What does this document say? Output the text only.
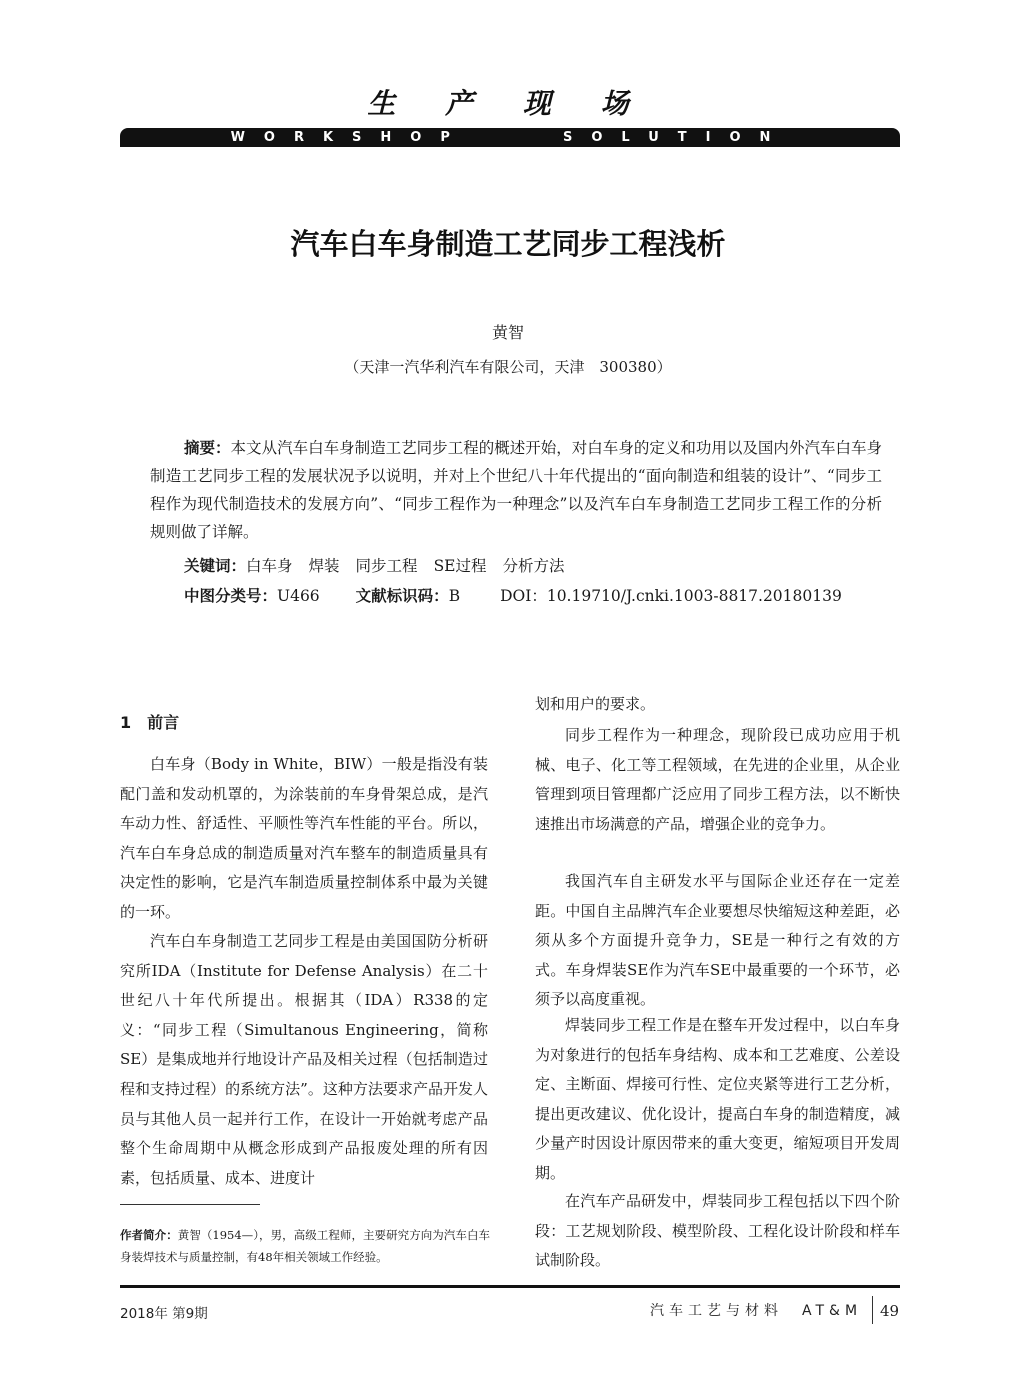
生 产 现 场
WORKSHOP    SOLUTION
汽车白车身制造工艺同步工程浅析
黄智
（天津一汽华利汽车有限公司，天津　300380）

摘要：本文从汽车白车身制造工艺同步工程的概述开始，对白车身的定义和功用以及国内外汽车白车身制造工艺同步工程的发展状况予以说明，并对上个世纪八十年代提出的“面向制造和组装的设计”、“同步工程作为现代制造技术的发展方向”、“同步工程作为一种理念”以及汽车白车身制造工艺同步工程工作的分析规则做了详解。

关键词：白车身 焊装 同步工程 SE过程 分析方法
中图分类号：U466 文献标识码：B	DOI：10.19710/J.cnki.1003-8817.20180139
1　前言

白车身（Body in White，BIW）一般是指没有装配门盖和发动机罩的，为涂装前的车身骨架总成，是汽车动力性、舒适性、平顺性等汽车性能的平台。所以，汽车白车身总成的制造质量对汽车整车的制造质量具有决定性的影响，它是汽车制造质量控制体系中最为关键的一环。

汽车白车身制造工艺同步工程是由美国国防分析研究所IDA（Institute for Defense Analysis）在二十世纪八十年代所提出。根据其（IDA）R338的定义：“同步工程（Simultanous Engineering，简称SE）是集成地并行地设计产品及相关过程（包括制造过程和支持过程）的系统方法”。这种方法要求产品开发人员与其他人员一起并行工作，在设计一开始就考虑产品整个生命周期中从概念形成到产品报废处理的所有因素，包括质量、成本、进度计

划和用户的要求。

同步工程作为一种理念，现阶段已成功应用于机械、电子、化工等工程领域，在先进的企业里，从企业管理到项目管理都广泛应用了同步工程方法，以不断快速推出市场满意的产品，增强企业的竞争力。

我国汽车自主研发水平与国际企业还存在一定差距。中国自主品牌汽车企业要想尽快缩短这种差距，必须从多个方面提升竞争力，SE是一种行之有效的方式。车身焊装SE作为汽车SE中最重要的一个环节，必须予以高度重视。

焊装同步工程工作是在整车开发过程中，以白车身为对象进行的包括车身结构、成本和工艺难度、公差设定、主断面、焊接可行性、定位夹紧等进行工艺分析，提出更改建议、优化设计，提高白车身的制造精度，减少量产时因设计原因带来的重大变更，缩短项目开发周期。

在汽车产品研发中，焊装同步工程包括以下四个阶段：工艺规划阶段、模型阶段、工程化设计阶段和样车试制阶段。

作者简介：黄智（1954—），男，高级工程师，主要研究方向为汽车白车身装焊技术与质量控制，有48年相关领域工作经验。
2018年 第9期	汽车工艺与材料　AT&M 49
